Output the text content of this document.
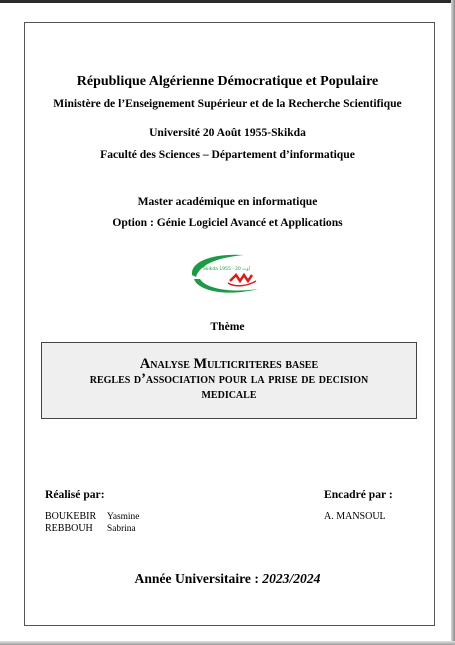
République Algérienne Démocratique et Populaire
Ministère de l’Enseignement Supérieur et de la Recherche Scientifique
Université 20 Août 1955-Skikda
Faculté des Sciences – Département d’informatique
Master académique en informatique
Option : Génie Logiciel Avancé et Applications
Skikda 1955 · 20 أوت
Thème
Analyse Multicriteres basee
regles d’association pour la prise de decision
medicale
Réalisé par:
BOUKEBIR Yasmine
REBBOUH Sabrina
Encadré par :
A. MANSOUL
Année Universitaire : 2023/2024
